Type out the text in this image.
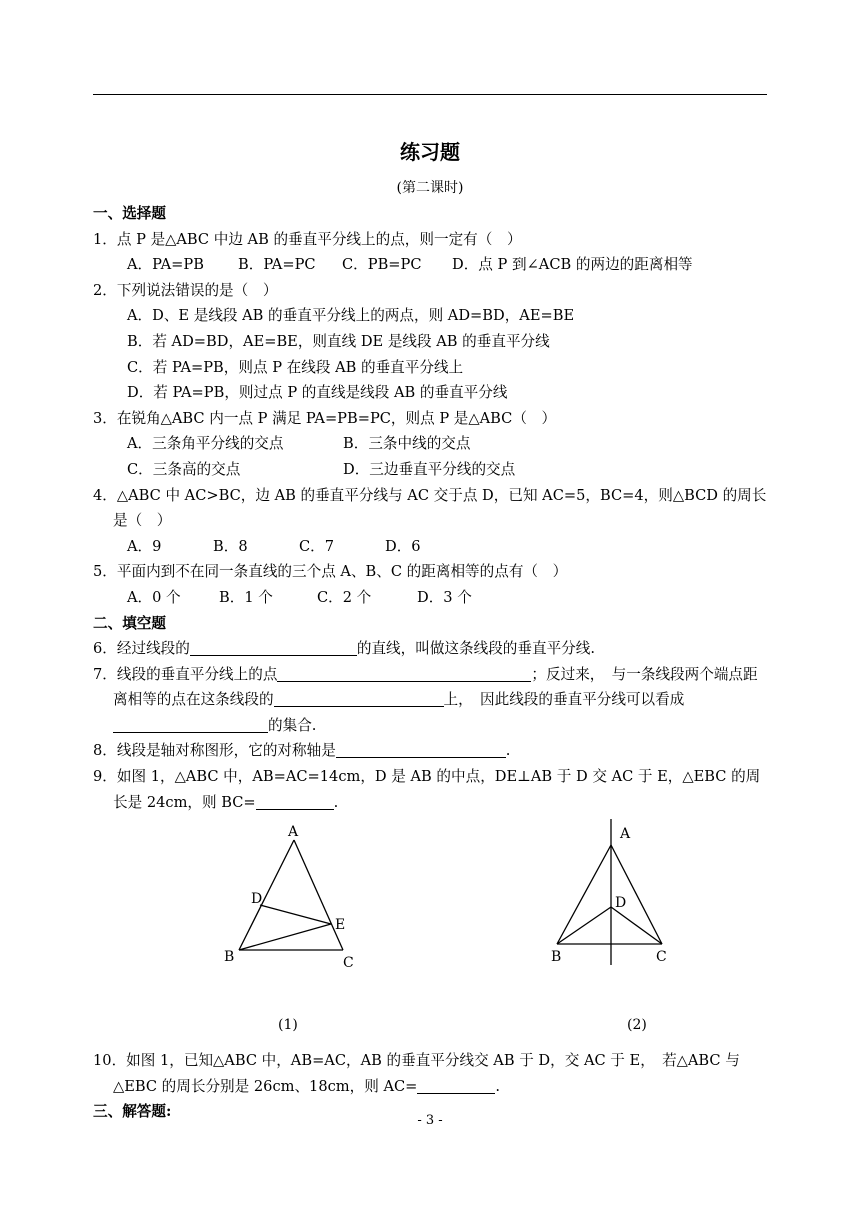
练习题
(第二课时)
一、选择题
1．点 P 是△ABC 中边 AB 的垂直平分线上的点，则一定有（　）
A．PA=PB B．PA=PC C．PB=PC D．点 P 到∠ACB 的两边的距离相等
2．下列说法错误的是（　）
A．D、E 是线段 AB 的垂直平分线上的两点，则 AD=BD，AE=BE
B．若 AD=BD，AE=BE，则直线 DE 是线段 AB 的垂直平分线
C．若 PA=PB，则点 P 在线段 AB 的垂直平分线上
D．若 PA=PB，则过点 P 的直线是线段 AB 的垂直平分线
3．在锐角△ABC 内一点 P 满足 PA=PB=PC，则点 P 是△ABC（　）
A．三条角平分线的交点	B．三条中线的交点
C．三条高的交点	D．三边垂直平分线的交点
4．△ABC 中 AC>BC，边 AB 的垂直平分线与 AC 交于点 D，已知 AC=5，BC=4，则△BCD 的周长是（　）
A．9	B．8	C．7	D．6
5．平面内到不在同一条直线的三个点 A、B、C 的距离相等的点有（　）
A．0 个	B．1 个	C．2 个	D．3 个
二、填空题
6．经过线段的	的直线，叫做这条线段的垂直平分线.
7．线段的垂直平分线上的点	；反过来，　与一条线段两个端点距离相等的点在这条线段的	上，　因此线段的垂直平分线可以看成的集合.
8．线段是轴对称图形，它的对称轴是	.
9．如图 1，△ABC 中，AB=AC=14cm，D 是 AB 的中点，DE⊥AB 于 D 交 AC 于 E，△EBC 的周长是 24cm，则 BC=	.
A
B	C
D
E
(1)
A
B	C
D
(2)
10．如图 1，已知△ABC 中，AB=AC，AB 的垂直平分线交 AB 于 D，交 AC 于 E，　若△ABC 与△EBC 的周长分别是 26cm、18cm，则 AC=	.
三、解答题:
- 3 -
